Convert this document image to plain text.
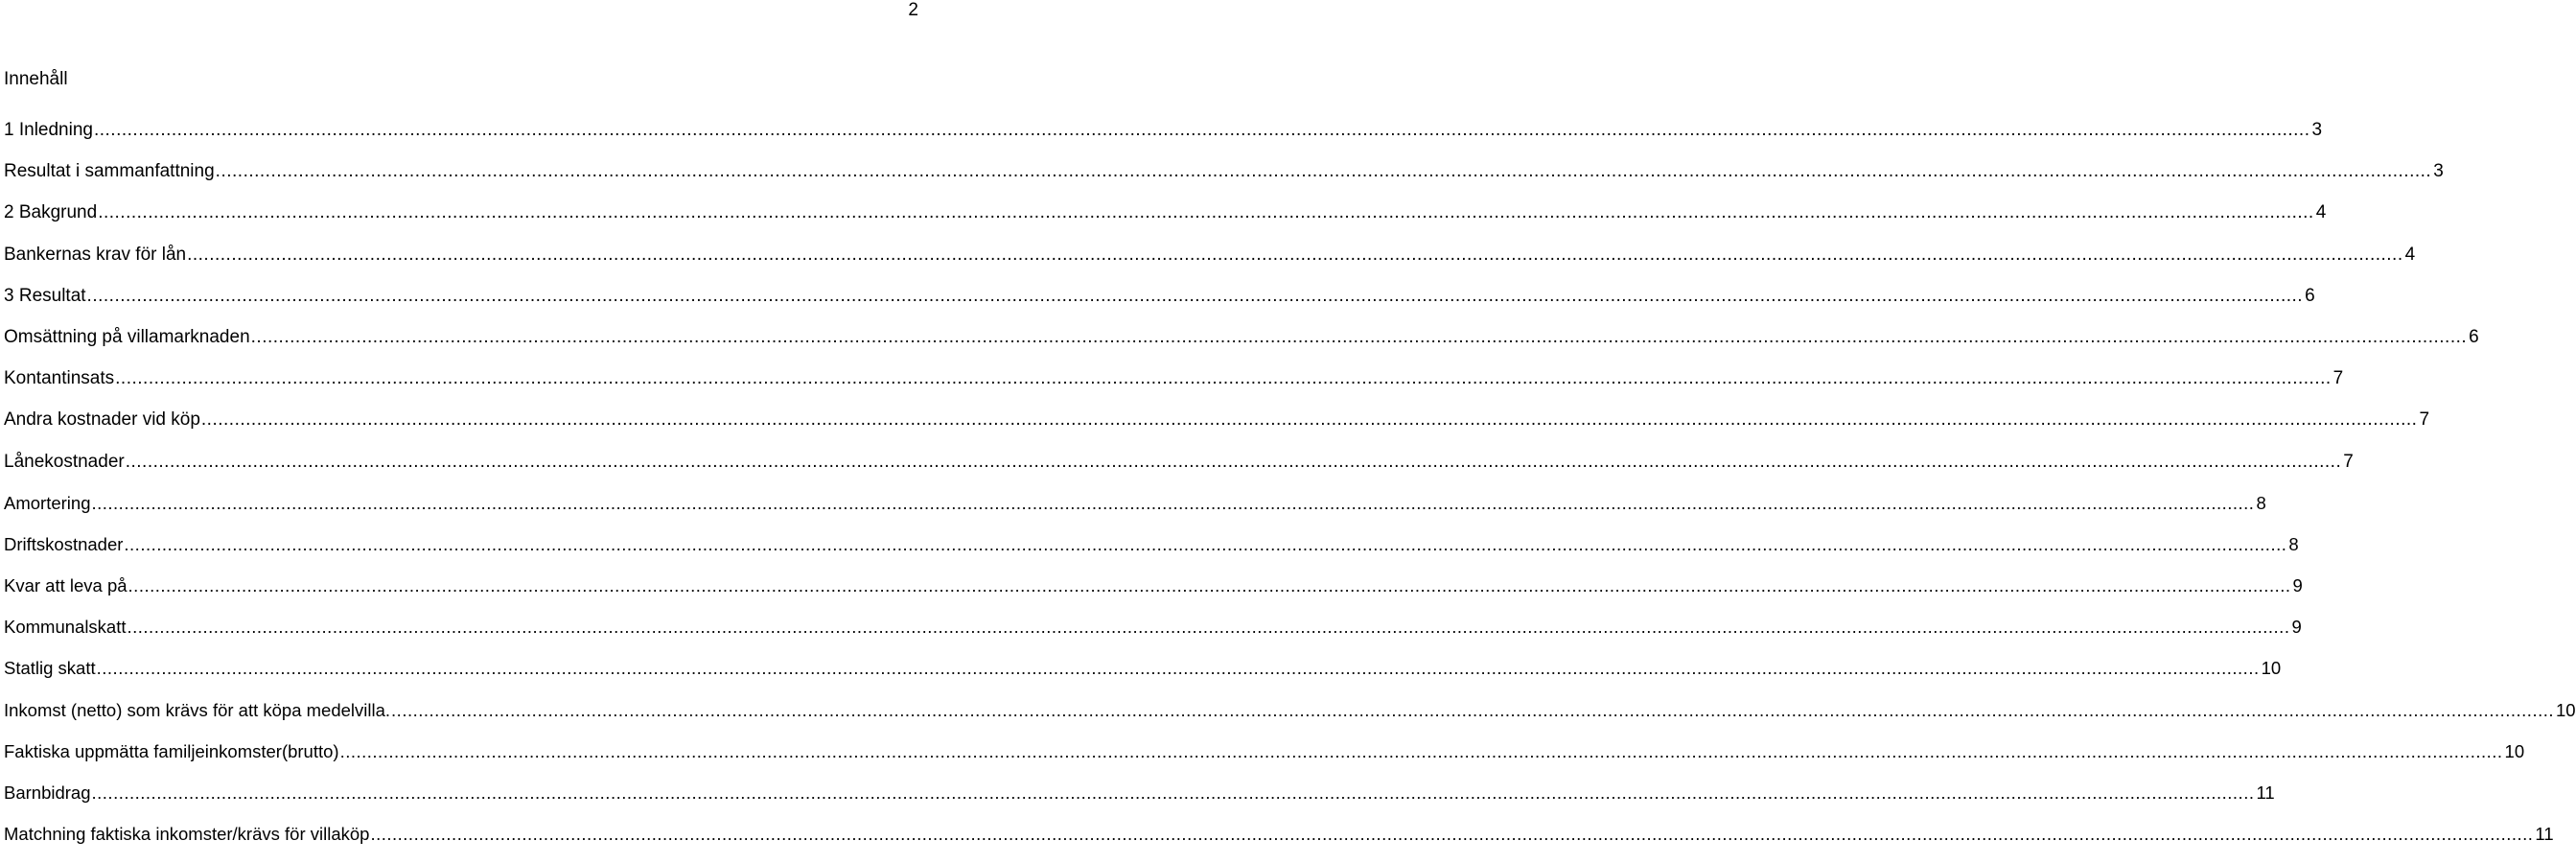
2
Innehåll
1 Inledning ................................................................................................................................................................................................................................................................................................................................................................................................................ 3
Resultat i sammanfattning ................................................................................................................................................................................................................................................................................................................................................................................................................ 3
2 Bakgrund ................................................................................................................................................................................................................................................................................................................................................................................................................ 4
Bankernas krav för lån ................................................................................................................................................................................................................................................................................................................................................................................................................ 4
3 Resultat ................................................................................................................................................................................................................................................................................................................................................................................................................ 6
Omsättning på villamarknaden ................................................................................................................................................................................................................................................................................................................................................................................................................ 6
Kontantinsats ................................................................................................................................................................................................................................................................................................................................................................................................................ 7
Andra kostnader vid köp ................................................................................................................................................................................................................................................................................................................................................................................................................ 7
Lånekostnader ................................................................................................................................................................................................................................................................................................................................................................................................................ 7
Amortering ................................................................................................................................................................................................................................................................................................................................................................................................................ 8
Driftskostnader ................................................................................................................................................................................................................................................................................................................................................................................................................ 8
Kvar att leva på ................................................................................................................................................................................................................................................................................................................................................................................................................ 9
Kommunalskatt ................................................................................................................................................................................................................................................................................................................................................................................................................ 9
Statlig skatt ................................................................................................................................................................................................................................................................................................................................................................................................................ 10
Inkomst (netto) som krävs för att köpa medelvilla. ................................................................................................................................................................................................................................................................................................................................................................................................................ 10
Faktiska uppmätta familjeinkomster(brutto) ................................................................................................................................................................................................................................................................................................................................................................................................................ 10
Barnbidrag ................................................................................................................................................................................................................................................................................................................................................................................................................ 11
Matchning faktiska inkomster/krävs för villaköp ................................................................................................................................................................................................................................................................................................................................................................................................................ 11
